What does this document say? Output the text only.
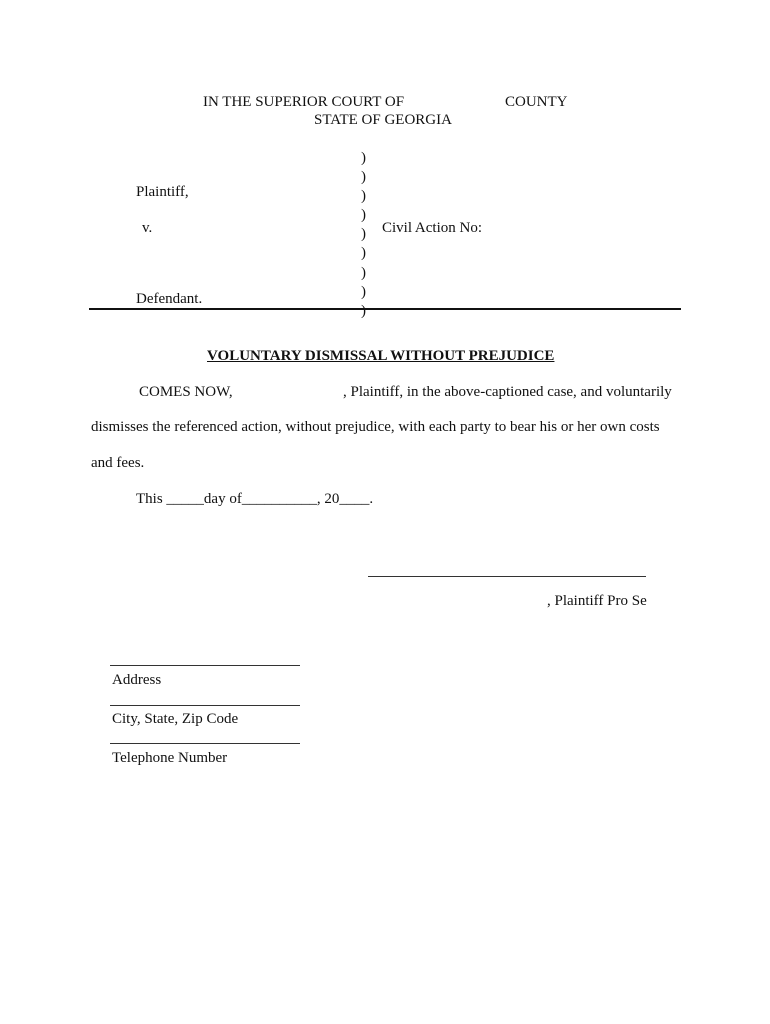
IN THE SUPERIOR COURT OF	COUNTY
STATE OF GEORGIA
)
)
)
)
)
)
)
)
)
Plaintiff,
v.	Civil Action No:
Defendant.
VOLUNTARY DISMISSAL WITHOUT PREJUDICE
COMES NOW,	, Plaintiff, in the above-captioned case, and voluntarily
dismisses the referenced action, without prejudice, with each party to bear his or her own costs
and fees.
This _____day of__________, 20____.
, Plaintiff Pro Se
Address
City, State, Zip Code
Telephone Number
